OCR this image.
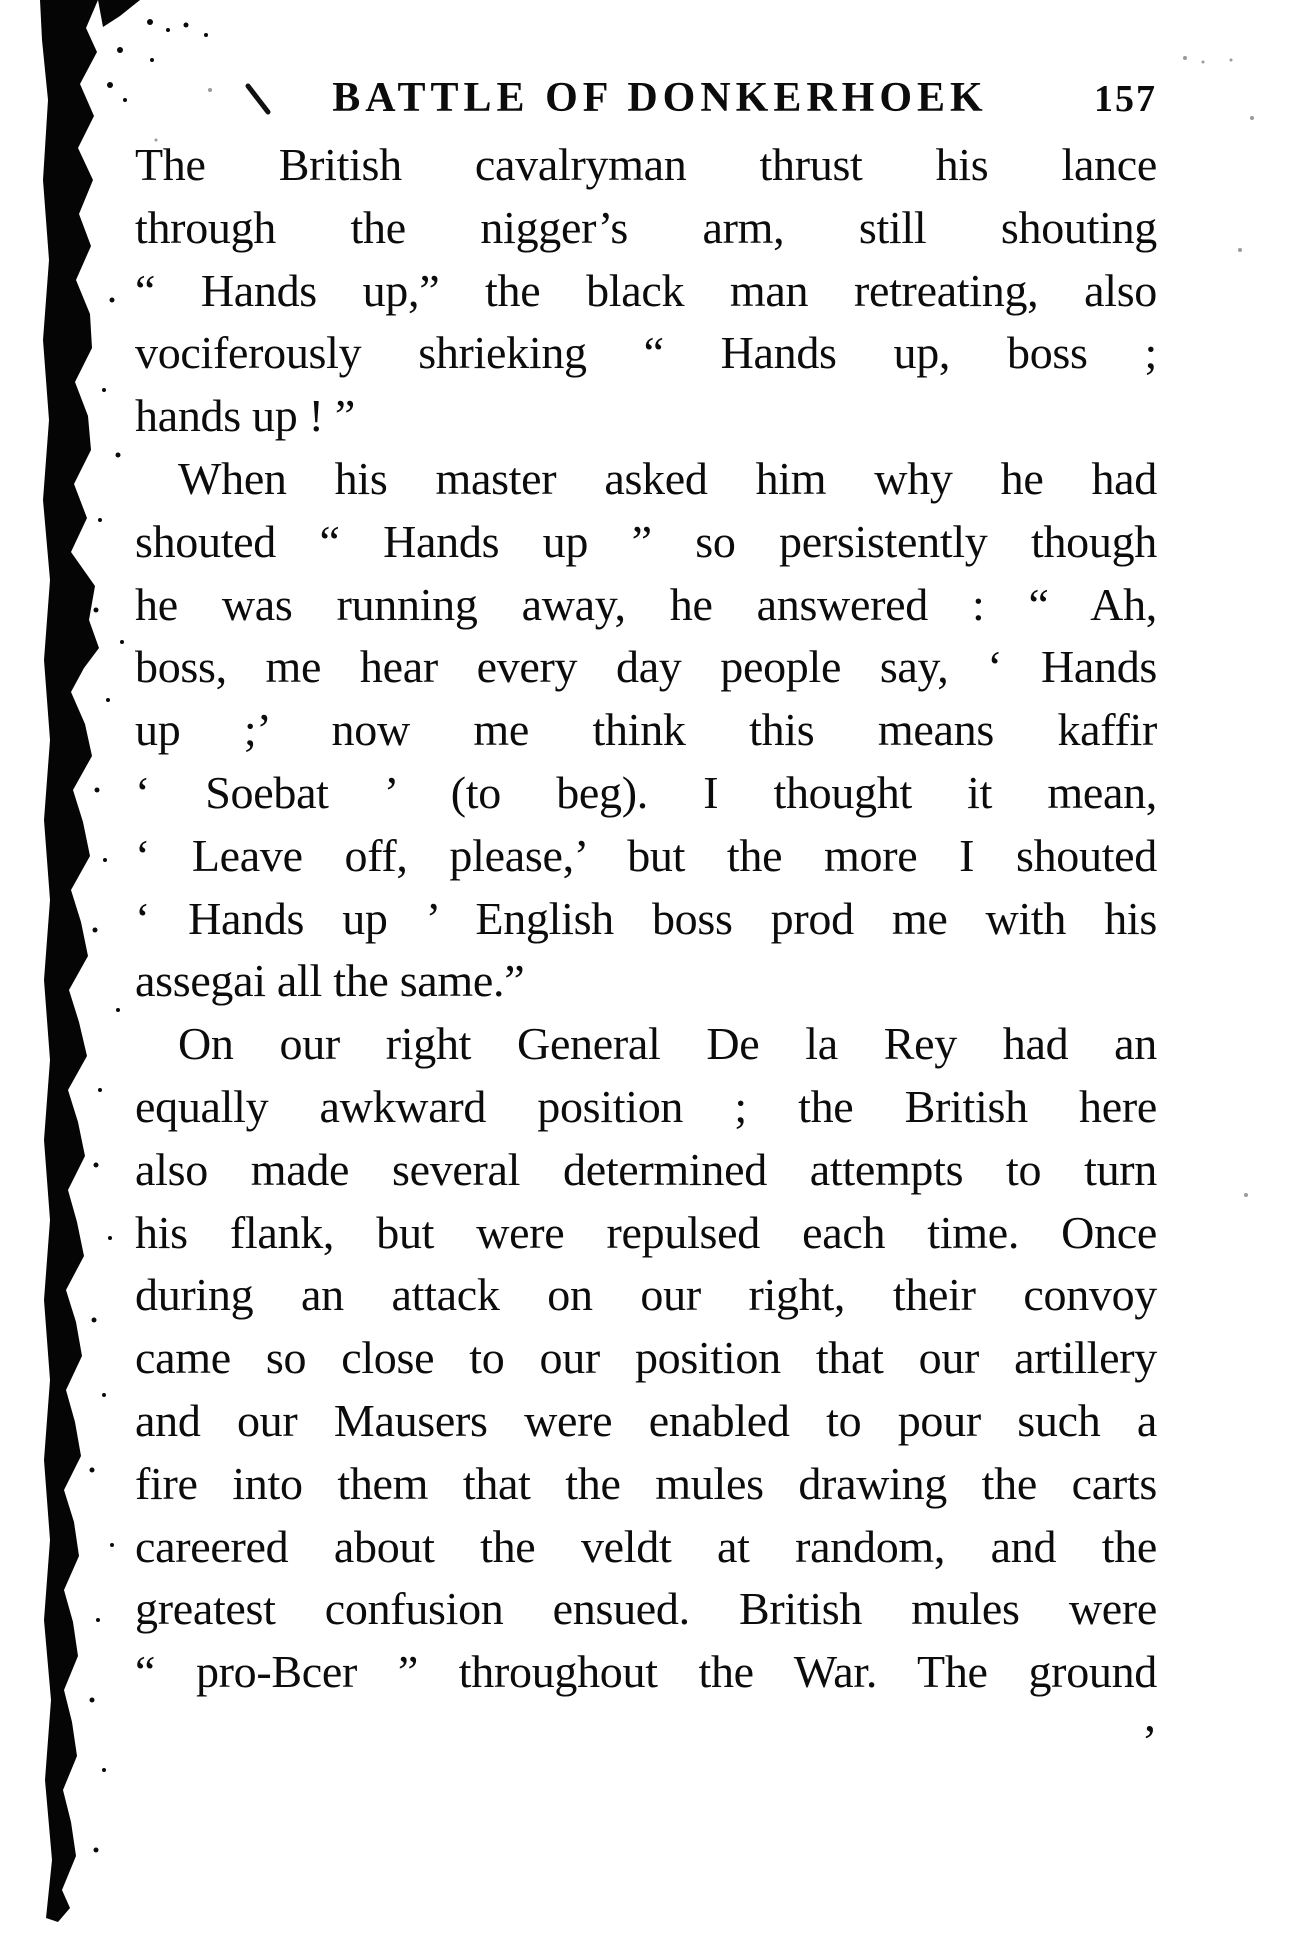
BATTLE OF DONKERHOEK	157
The British cavalryman thrust his lance
through the nigger’s arm, still shouting
“ Hands up,” the black man retreating, also
vociferously shrieking “ Hands up, boss ;
hands up ! ”
When his master asked him why he had
shouted “ Hands up ” so persistently though
he was running away, he answered : “ Ah,
boss, me hear every day people say, ‘ Hands
up ;’ now me think this means kaffir
‘ Soebat ’ (to beg). I thought it mean,
‘ Leave off, please,’ but the more I shouted
‘ Hands up ’ English boss prod me with his
assegai all the same.”
On our right General De la Rey had an
equally awkward position ; the British here
also made several determined attempts to turn
his flank, but were repulsed each time. Once
during an attack on our right, their convoy
came so close to our position that our artillery
and our Mausers were enabled to pour such a
fire into them that the mules drawing the carts
careered about the veldt at random, and the
greatest confusion ensued. British mules were
“ pro-Bcer ” throughout the War. The ground
,
